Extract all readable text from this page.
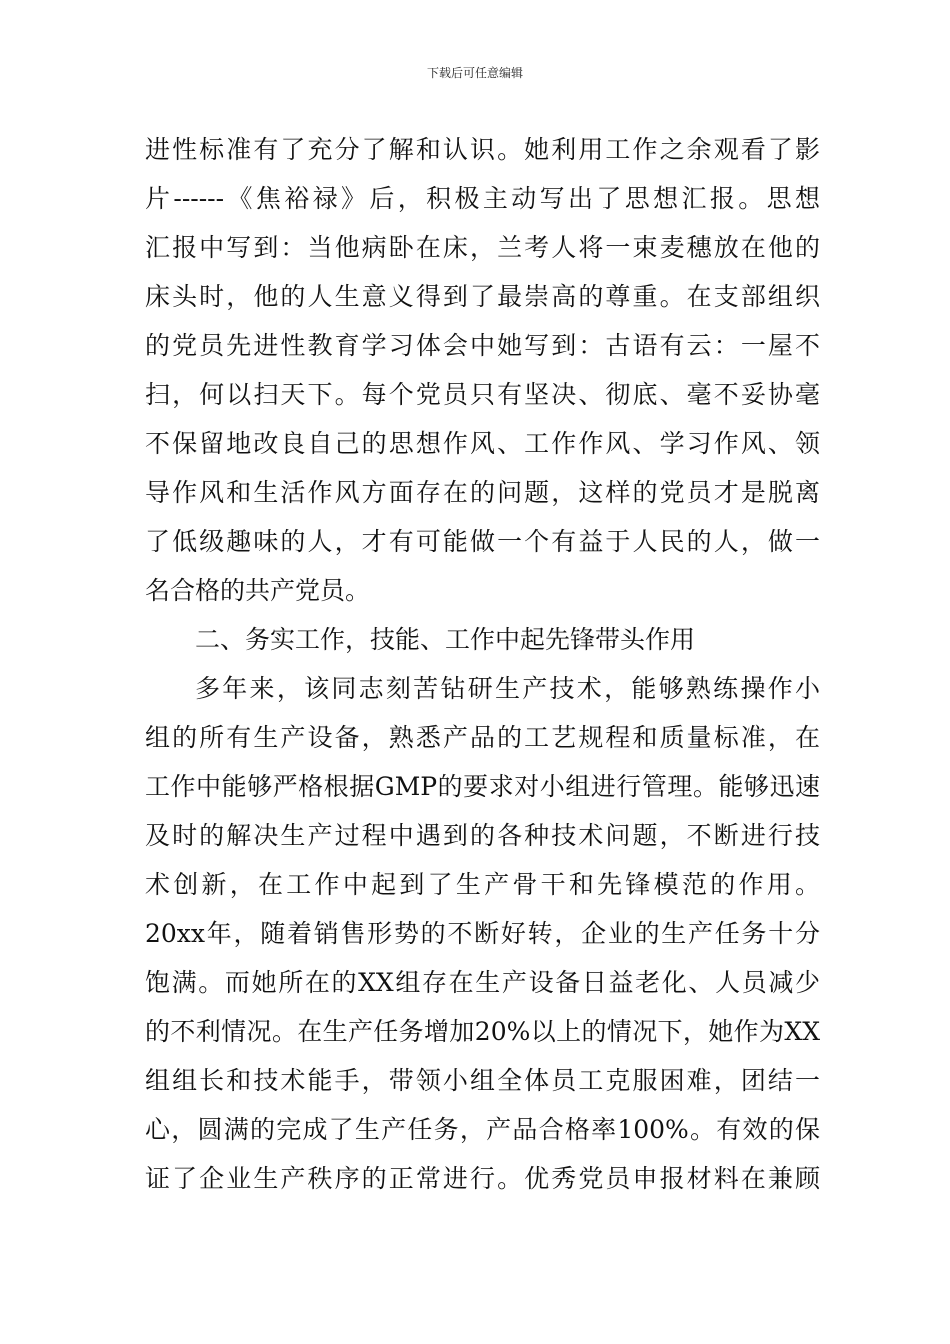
下载后可任意编辑
进性标准有了充分了解和认识。她利用工作之余观看了影
片------《焦裕禄》后，积极主动写出了思想汇报。思想
汇报中写到：当他病卧在床，兰考人将一束麦穗放在他的
床头时，他的人生意义得到了最崇高的尊重。在支部组织
的党员先进性教育学习体会中她写到：古语有云：一屋不
扫，何以扫天下。每个党员只有坚决、彻底、毫不妥协毫
不保留地改良自己的思想作风、工作作风、学习作风、领
导作风和生活作风方面存在的问题，这样的党员才是脱离
了低级趣味的人，才有可能做一个有益于人民的人，做一
名合格的共产党员。
二、务实工作，技能、工作中起先锋带头作用
多年来，该同志刻苦钻研生产技术，能够熟练操作小
组的所有生产设备，熟悉产品的工艺规程和质量标准，在
工作中能够严格根据GMP的要求对小组进行管理。能够迅速
及时的解决生产过程中遇到的各种技术问题，不断进行技
术创新，在工作中起到了生产骨干和先锋模范的作用。
20xx年，随着销售形势的不断好转，企业的生产任务十分
饱满。而她所在的XX组存在生产设备日益老化、人员减少
的不利情况。在生产任务增加20%以上的情况下，她作为XX
组组长和技术能手，带领小组全体员工克服困难，团结一
心，圆满的完成了生产任务，产品合格率100%。有效的保
证了企业生产秩序的正常进行。优秀党员申报材料在兼顾
